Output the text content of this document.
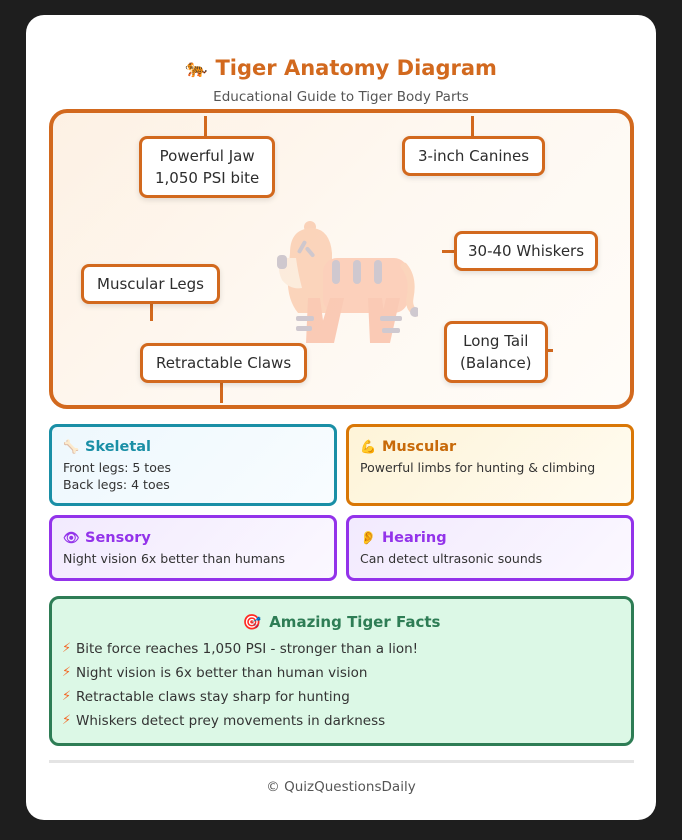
🐅 Tiger Anatomy Diagram
Educational Guide to Tiger Body Parts
Powerful Jaw
1,050 PSI bite
3-inch Canines
30-40 Whiskers
Muscular Legs
Retractable Claws
Long Tail
(Balance)
🦴 Skeletal
Front legs: 5 toes
Back legs: 4 toes
💪 Muscular
Powerful limbs for hunting & climbing
👁 Sensory
Night vision 6x better than humans
👂 Hearing
Can detect ultrasonic sounds
🎯 Amazing Tiger Facts
⚡ Bite force reaches 1,050 PSI - stronger than a lion!
⚡ Night vision is 6x better than human vision
⚡ Retractable claws stay sharp for hunting
⚡ Whiskers detect prey movements in darkness
© QuizQuestionsDaily
